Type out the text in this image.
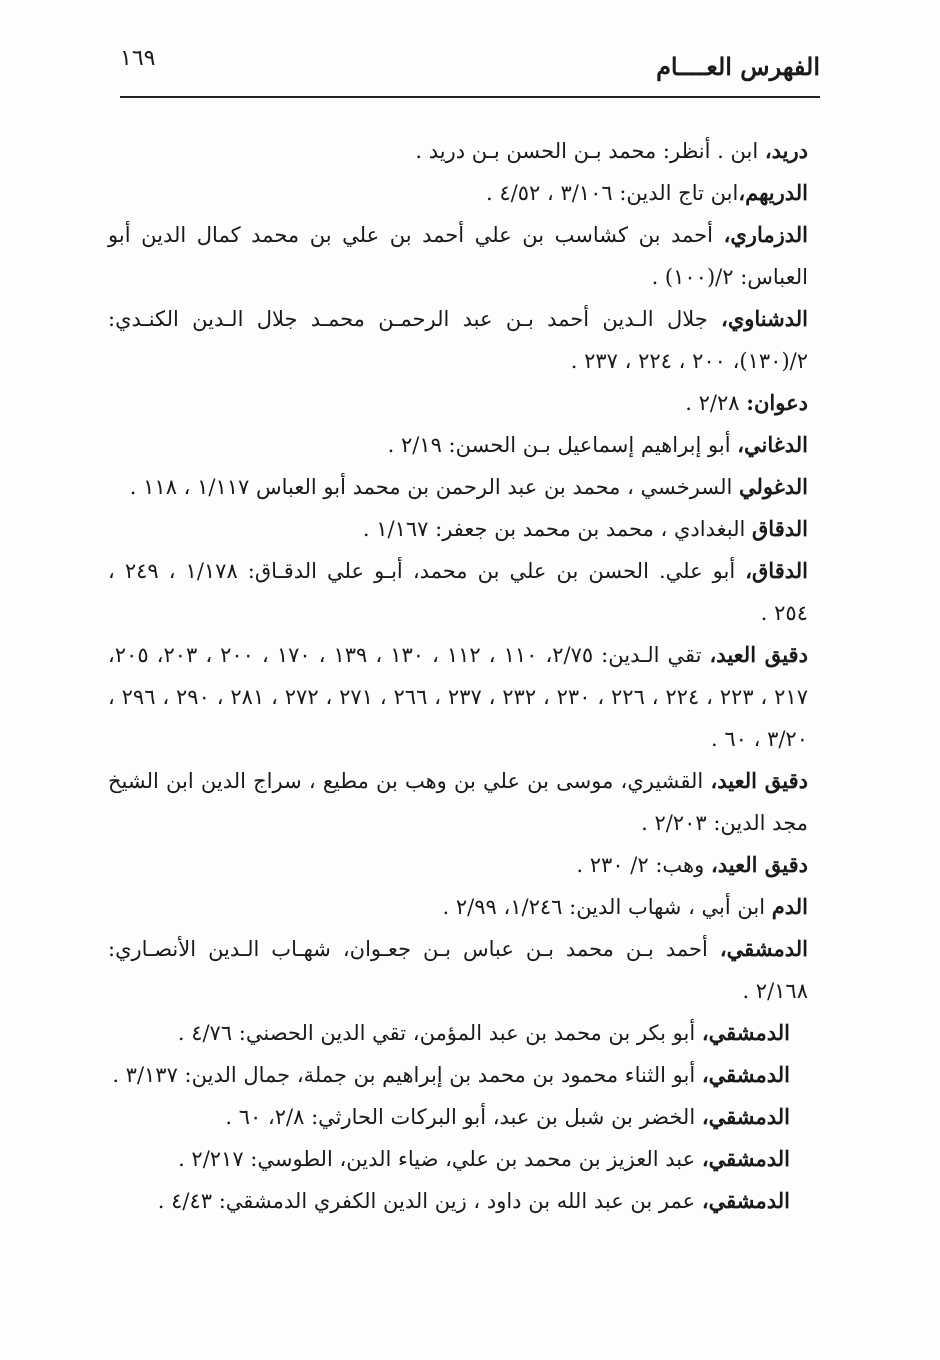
١٦٩	الفهرس العــــام

دريد، ابن . أنظر: محمد بـن الحسن بـن دريد .

الدريهم،ابن تاج الدين: ٣/١٠٦ ، ٤/٥٢ .

الدزماري، أحمد بن كشاسب بن علي أحمد بن علي بن محمد كمال الدين أبو العباس: ٢/(١٠٠) .

الدشناوي، جلال الـدين أحمد بـن عبد الرحمـن محمـد جلال الـدين الكنـدي: ٢/(١٣٠)، ٢٠٠ ، ٢٢٤ ، ٢٣٧ .

دعوان: ٢/٢٨ .

الدغاني، أبو إبراهيم إسماعيل بـن الحسن: ٢/١٩ .

الدغولي السرخسي ، محمد بن عبد الرحمن بن محمد أبو العباس ١/١١٧ ، ١١٨ .

الدقاق البغدادي ، محمد بن محمد بن جعفر: ١/١٦٧ .

الدقاق، أبو علي. الحسن بن علي بن محمد، أبـو علي الدقـاق: ١/١٧٨ ، ٢٤٩ ، ٢٥٤ .

دقيق العيد، تقي الـدين: ٢/٧٥، ١١٠ ، ١١٢ ، ١٣٠ ، ١٣٩ ، ١٧٠ ، ٢٠٠ ، ٢٠٣، ٢٠٥، ٢١٧ ، ٢٢٣ ، ٢٢٤ ، ٢٢٦ ، ٢٣٠ ، ٢٣٢ ، ٢٣٧ ، ٢٦٦ ، ٢٧١ ، ٢٧٢ ، ٢٨١ ، ٢٩٠ ، ٢٩٦ ، ٣/٢٠ ، ٦٠ .

دقيق العيد، القشيري، موسى بن علي بن وهب بن مطيع ، سراج الدين ابن الشيخ مجد الدين: ٢/٢٠٣ .

دقيق العيد، وهب: ٢/ ٢٣٠ .

الدم ابن أبي ، شهاب الدين: ١/٢٤٦، ٢/٩٩ .

الدمشقي، أحمد بـن محمد بـن عباس بـن جعـوان، شهـاب الـدين الأنصـاري: ٢/١٦٨ .

الدمشقي، أبو بكر بن محمد بن عبد المؤمن، تقي الدين الحصني: ٤/٧٦ .

الدمشقي، أبو الثناء محمود بن محمد بن إبراهيم بن جملة، جمال الدين: ٣/١٣٧ .

الدمشقي، الخضر بن شبل بن عبد، أبو البركات الحارثي: ٢/٨، ٦٠ .

الدمشقي، عبد العزيز بن محمد بن علي، ضياء الدين، الطوسي: ٢/٢١٧ .

الدمشقي، عمر بن عبد الله بن داود ، زين الدين الكفري الدمشقي: ٤/٤٣ .
